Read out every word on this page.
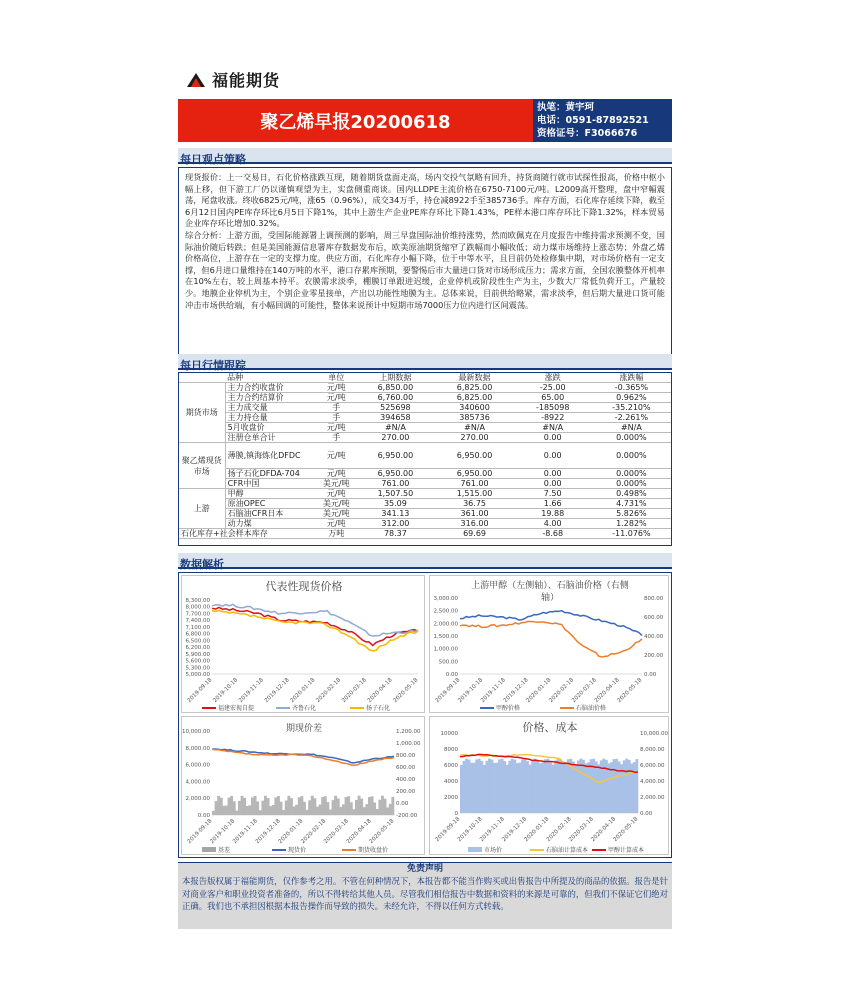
福能期货
聚乙烯早报20200618
执笔：黄宇珂
电话：0591-87892521
资格证号：F3066676
每日观点策略

现货报价：上一交易日，石化价格涨跌互现，随着期货盘面走高，场内交投气氛略有回升，持货商随行就市试探性报高，价格中枢小幅上移，但下游工厂仍以谨慎观望为主，实盘侧重商谈。国内LLDPE主流价格在6750-7100元/吨。L2009高开整理，盘中窄幅震荡，尾盘收涨。终收6825元/吨，涨65（0.96%），成交34万手，持仓减8922手至385736手。库存方面，石化库存延续下降，截至6月12日国内PE库存环比6月5日下降1%，其中上游生产企业PE库存环比下降1.43%，PE样本港口库存环比下降1.32%，样本贸易企业库存环比增加0.32%。

综合分析：上游方面，受国际能源署上调预测的影响，周三早盘国际油价维持涨势，然而欧佩克在月度报告中维持需求预测不变，国际油价随后转跌；但是美国能源信息署库存数据发布后，欧美原油期货缩窄了跌幅而小幅收低；动力煤市场维持上涨态势；外盘乙烯价格高位，上游存在一定的支撑力度。供应方面，石化库存小幅下降，位于中等水平，且目前仍处检修集中期，对市场价格有一定支撑，但6月进口量维持在140万吨的水平，港口存累库预期，要警惕后市大量进口货对市场形成压力；需求方面，全国农膜整体开机率在10%左右，较上周基本持平。农膜需求淡季，棚膜订单跟进迟缓，企业停机或阶段性生产为主，少数大厂常低负荷开工，产量较少。地膜企业停机为主，个别企业零星接单，产出以功能性地膜为主。总体来说，目前供给略紧，需求淡季，但后期大量进口货可能冲击市场供给端，有小幅回调的可能性，整体来说预计中短期市场7000压力位内进行区间震荡。

每日行情跟踪
	品种	单位	上期数据	最新数据	涨跌	涨跌幅
期货市场	主力合约收盘价	元/吨	6,850.00	6,825.00	-25.00	-0.365%
	主力合约结算价	元/吨	6,760.00	6,825.00	65.00	0.962%
	主力成交量	手	525698	340600	-185098	-35.210%
	主力持仓量	手	394658	385736	-8922	-2.261%
	5月收盘价	元/吨	#N/A	#N/A	#N/A	#N/A
	注册仓单合计	手	270.00	270.00	0.00	0.000%
聚乙烯现货市场	薄膜,镇海炼化DFDC	元/吨	6,950.00	6,950.00	0.00	0.000%
	扬子石化DFDA-704	元/吨	6,950.00	6,950.00	0.00	0.000%
	CFR中国	美元/吨	761.00	761.00	0.00	0.000%
上游	甲醇	元/吨	1,507.50	1,515.00	7.50	0.498%
	原油OPEC	美元/吨	35.09	36.75	1.66	4.731%
	石脑油CFR日本	美元/吨	341.13	361.00	19.88	5.826%
	动力煤	元/吨	312.00	316.00	4.00	1.282%
石化库存+社会样本库存		万吨	78.37	69.69	-8.68	-11.076%
数据解析
代表性现货价格
8,300.00
8,000.00
7,700.00
7,400.00
7,100.00
6,800.00
6,500.00
6,200.00
5,900.00
5,600.00
5,300.00
5,000.00
2019-09-18
2019-10-18
2019-11-18
2019-12-18
2020-01-18
2020-02-18
2020-03-18
2020-04-18
2020-05-18
福建宏视自提	齐鲁石化	扬子石化
上游甲醇（左侧轴）、石脑油价格（右侧
轴）
3,000.00
2,500.00
2,000.00
1,500.00
1,000.00
500.00
0.00
800.00
600.00
400.00
200.00
0.00
2019-09-18
2019-10-18
2019-11-18
2019-12-18
2020-01-18
2020-02-18
2020-03-18
2020-04-18
2020-05-18
甲醇价格	石脑油价格
期现价差
10,000.00
8,000.00
6,000.00
4,000.00
2,000.00
0.00
1,200.00
1,000.00
800.00
600.00
400.00
200.00
0.00
-200.00
2019-09-18
2019-10-18
2019-11-18
2019-12-18
2020-01-18
2020-02-18
2020-03-18
2020-04-18
2020-05-18
基差	现货价	期货收盘价
价格、成本
10000
8000
6000
4000
2000
0
10,000.00
8,000.00
6,000.00
4,000.00
2,000.00
0.00
2019-09-18
2019-10-18
2019-11-18
2019-12-18
2020-01-18
2020-02-18
2020-03-18
2020-04-18
2020-05-18
市场价	石脑油计算成本	甲醇计算成本
免责声明
本报告版权属于福能期货，仅作参考之用。不管在何种情况下，本报告都不能当作购买或出售报告中所提及的商品的依据。报告是针对商业客户和职业投资者准备的，所以不得转给其他人员。尽管我们相信报告中数据和资料的来源是可靠的，但我们不保证它们绝对正确。我们也不承担因根据本报告操作而导致的损失。未经允许，不得以任何方式转载。
